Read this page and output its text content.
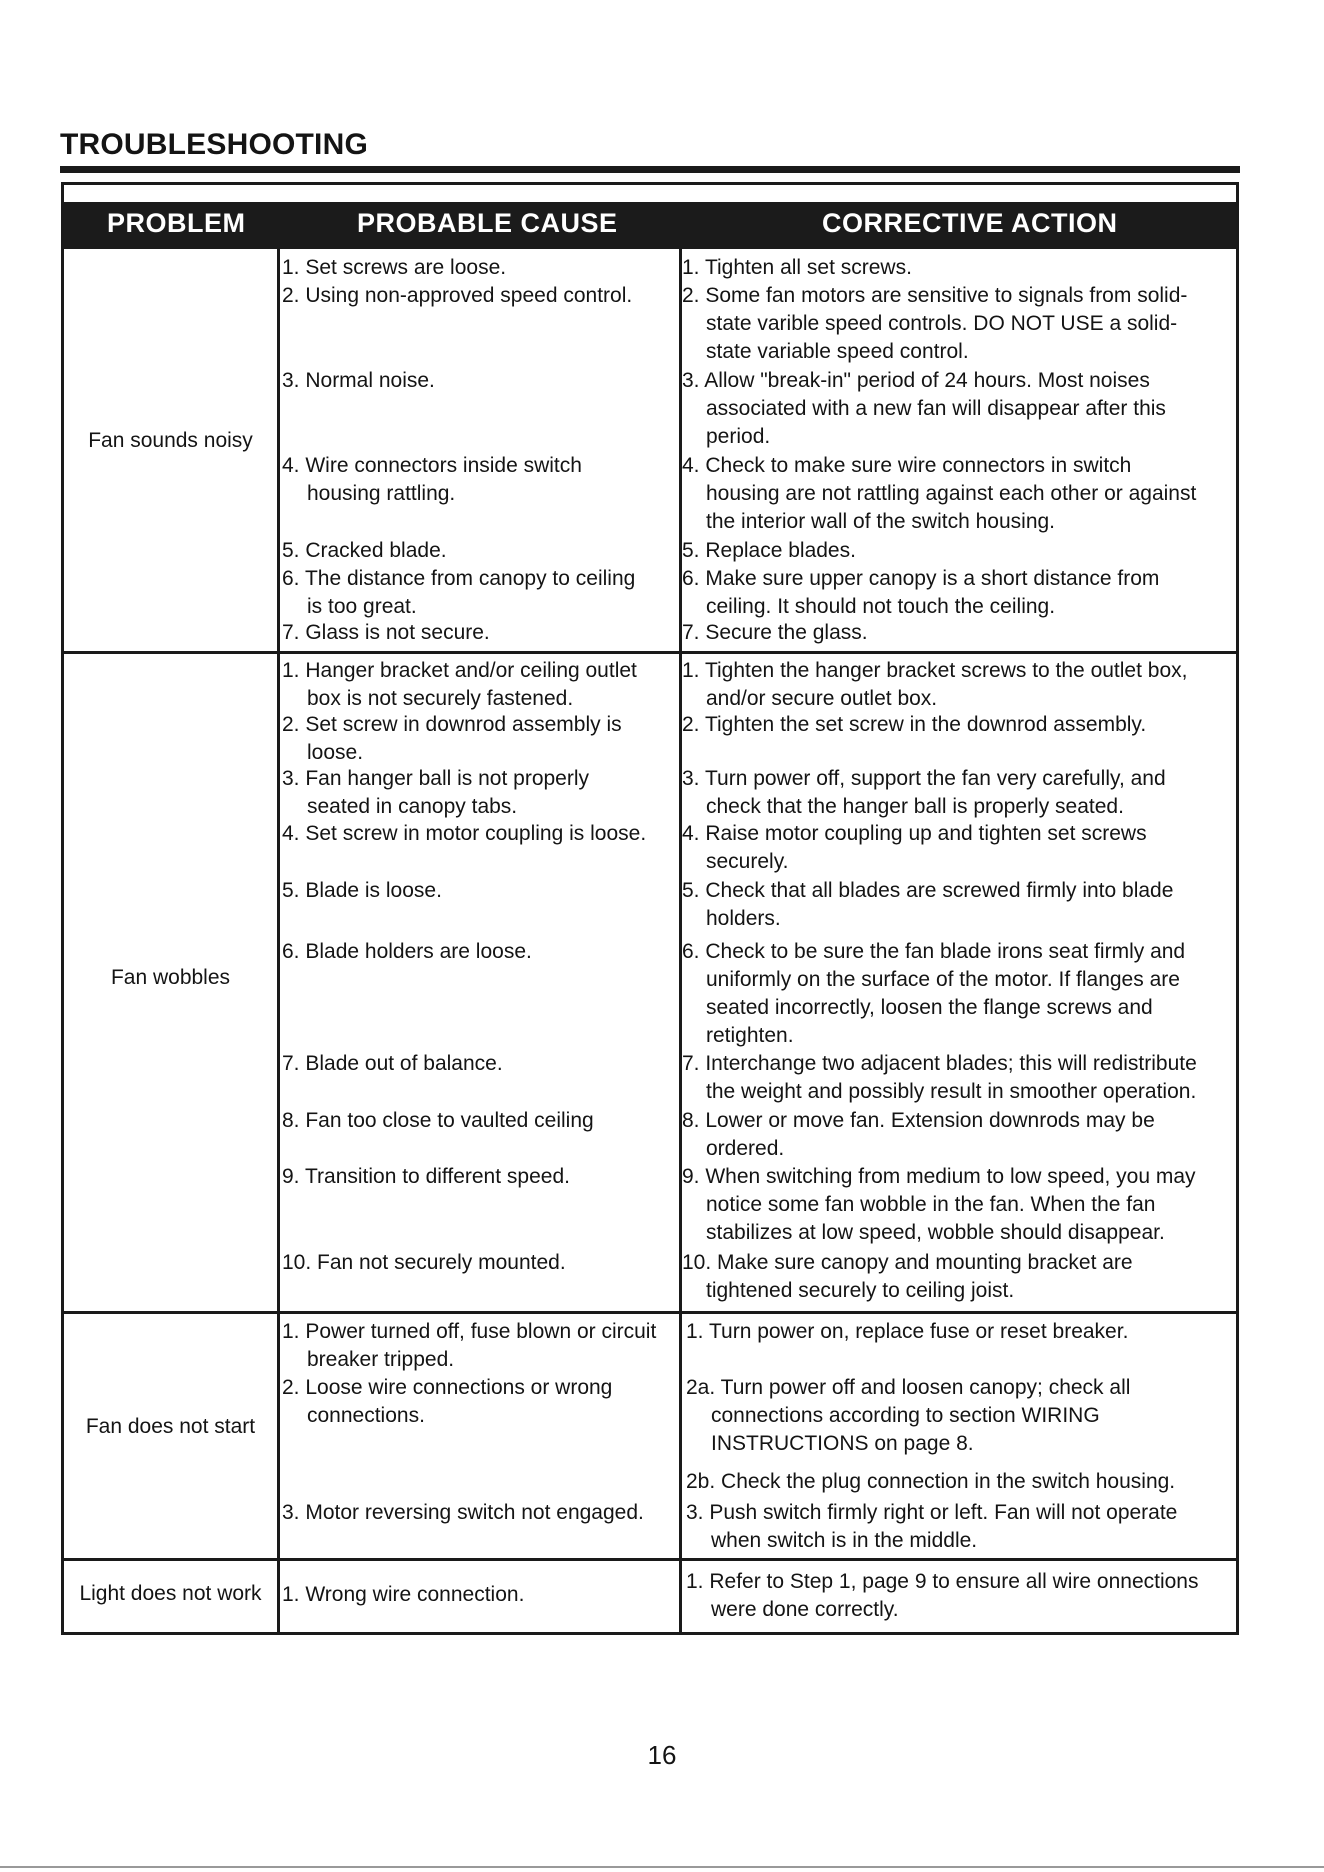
TROUBLESHOOTING
PROBLEM	PROBABLE CAUSE	CORRECTIVE ACTION
Fan sounds noisy
Fan wobbles
Fan does not start
Light does not work
1. Set screws are loose.
2. Using non-approved speed control.
3. Normal noise.
4. Wire connectors inside switch
housing rattling.
5. Cracked blade.
6. The distance from canopy to ceiling
is too great.
7. Glass is not secure.
1. Tighten all set screws.
2. Some fan motors are sensitive to signals from solid-
state varible speed controls. DO NOT USE a solid-
state variable speed control.
3. Allow "break-in" period of 24 hours. Most noises
associated with a new fan will disappear after this
period.
4. Check to make sure wire connectors in switch
housing are not rattling against each other or against
the interior wall of the switch housing.
5. Replace blades.
6. Make sure upper canopy is a short distance from
ceiling. It should not touch the ceiling.
7. Secure the glass.
1. Hanger bracket and/or ceiling outlet
box is not securely fastened.
2. Set screw in downrod assembly is
loose.
3. Fan hanger ball is not properly
seated in canopy tabs.
4. Set screw in motor coupling is loose.
5. Blade is loose.
6. Blade holders are loose.
7. Blade out of balance.
8. Fan too close to vaulted ceiling
9. Transition to different speed.
10. Fan not securely mounted.
1. Tighten the hanger bracket screws to the outlet box,
and/or secure outlet box.
2. Tighten the set screw in the downrod assembly.
3. Turn power off, support the fan very carefully, and
check that the hanger ball is properly seated.
4. Raise motor coupling up and tighten set screws
securely.
5. Check that all blades are screwed firmly into blade
holders.
6. Check to be sure the fan blade irons seat firmly and
uniformly on the surface of the motor. If flanges are
seated incorrectly, loosen the flange screws and
retighten.
7. Interchange two adjacent blades; this will redistribute
the weight and possibly result in smoother operation.
8. Lower or move fan. Extension downrods may be
ordered.
9. When switching from medium to low speed, you may
notice some fan wobble in the fan. When the fan
stabilizes at low speed, wobble should disappear.
10. Make sure canopy and mounting bracket are
tightened securely to ceiling joist.
1. Power turned off, fuse blown or circuit
breaker tripped.
2. Loose wire connections or wrong
connections.
3. Motor reversing switch not engaged.
1. Turn power on, replace fuse or reset breaker.
2a. Turn power off and loosen canopy; check all
connections according to section WIRING
INSTRUCTIONS on page 8.
2b. Check the plug connection in the switch housing.
3. Push switch firmly right or left. Fan will not operate
when switch is in the middle.
1. Wrong wire connection.
1. Refer to Step 1, page 9 to ensure all wire onnections
were done correctly.
16
